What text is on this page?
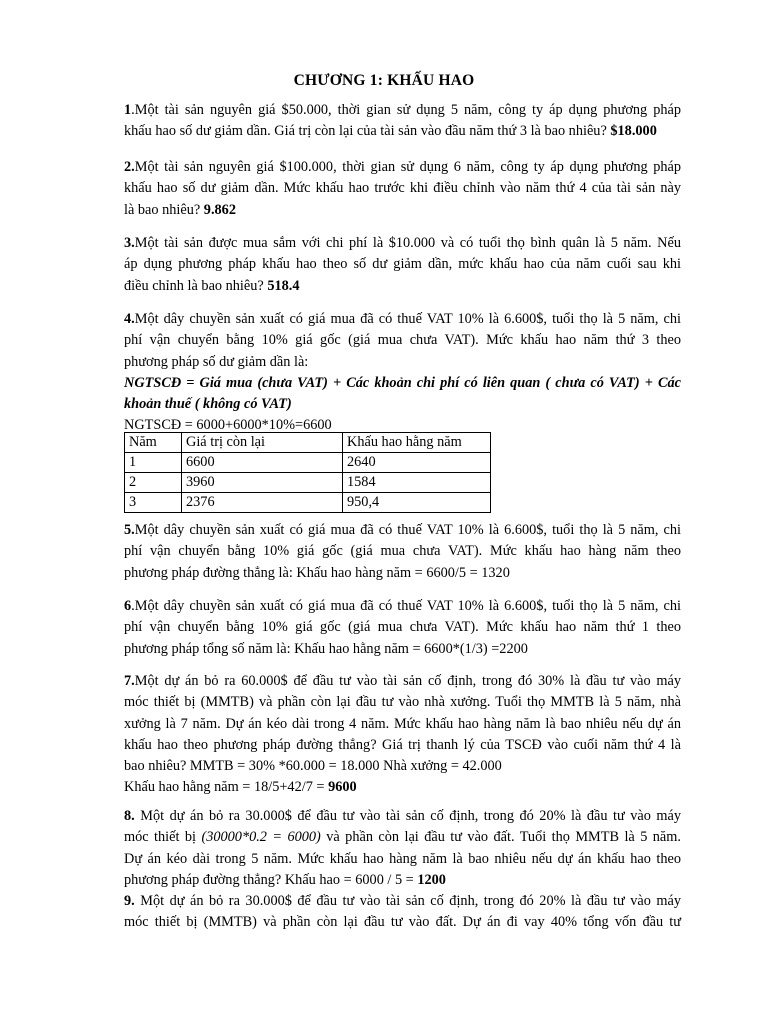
CHƯƠNG 1: KHẤU HAO
1.Một tài sản nguyên giá $50.000, thời gian sử dụng 5 năm, công ty áp dụng phương pháp
khấu hao số dư giảm dần. Giá trị còn lại của tài sản vào đầu năm thứ 3 là bao nhiêu? $18.000
2.Một tài sản nguyên giá $100.000, thời gian sử dụng 6 năm, công ty áp dụng phương pháp
khấu hao số dư giảm dần. Mức khấu hao trước khi điều chỉnh vào năm thứ 4 của tài sản này
là bao nhiêu? 9.862
3.Một tài sản được mua sắm với chi phí là $10.000 và có tuổi thọ bình quân là 5 năm. Nếu
áp dụng phương pháp khấu hao theo số dư giảm dần, mức khấu hao của năm cuối sau khi
điều chỉnh là bao nhiêu? 518.4
4.Một dây chuyền sản xuất có giá mua đã có thuế VAT 10% là 6.600$, tuổi thọ là 5 năm, chi
phí vận chuyển bằng 10% giá gốc (giá mua chưa VAT). Mức khấu hao năm thứ 3 theo
phương pháp số dư giảm dần là:
NGTSCĐ = Giá mua (chưa VAT) + Các khoản chi phí có liên quan ( chưa có VAT) + Các
khoản thuế ( không có VAT)
NGTSCĐ = 6000+6000*10%=6600
Năm	Giá trị còn lại	Khấu hao hằng năm
1	6600	2640
2	3960	1584
3	2376	950,4
5.Một dây chuyền sản xuất có giá mua đã có thuế VAT 10% là 6.600$, tuổi thọ là 5 năm, chi
phí vận chuyển bằng 10% giá gốc (giá mua chưa VAT). Mức khấu hao hàng năm theo
phương pháp đường thẳng là: Khấu hao hàng năm = 6600/5 = 1320
6.Một dây chuyền sản xuất có giá mua đã có thuế VAT 10% là 6.600$, tuổi thọ là 5 năm, chi
phí vận chuyển bằng 10% giá gốc (giá mua chưa VAT). Mức khấu hao năm thứ 1 theo
phương pháp tổng số năm là: Khấu hao hằng năm = 6600*(1/3) =2200
7.Một dự án bỏ ra 60.000$ để đầu tư vào tài sản cố định, trong đó 30% là đầu tư vào máy
móc thiết bị (MMTB) và phần còn lại đầu tư vào nhà xưởng. Tuổi thọ MMTB là 5 năm, nhà
xưởng là 7 năm. Dự án kéo dài trong 4 năm. Mức khấu hao hàng năm là bao nhiêu nếu dự án
khấu hao theo phương pháp đường thẳng? Giá trị thanh lý của TSCĐ vào cuối năm thứ 4 là
bao nhiêu? MMTB = 30% *60.000 = 18.000 Nhà xưởng = 42.000
Khấu hao hằng năm = 18/5+42/7 = 9600
8. Một dự án bỏ ra 30.000$ để đầu tư vào tài sản cố định, trong đó 20% là đầu tư vào máy
móc thiết bị (30000*0.2 = 6000) và phần còn lại đầu tư vào đất. Tuổi thọ MMTB là 5 năm.
Dự án kéo dài trong 5 năm. Mức khấu hao hàng năm là bao nhiêu nếu dự án khấu hao theo
phương pháp đường thẳng? Khấu hao = 6000 / 5 = 1200
9. Một dự án bỏ ra 30.000$ để đầu tư vào tài sản cố định, trong đó 20% là đầu tư vào máy
móc thiết bị (MMTB) và phần còn lại đầu tư vào đất. Dự án đi vay 40% tổng vốn đầu tư
